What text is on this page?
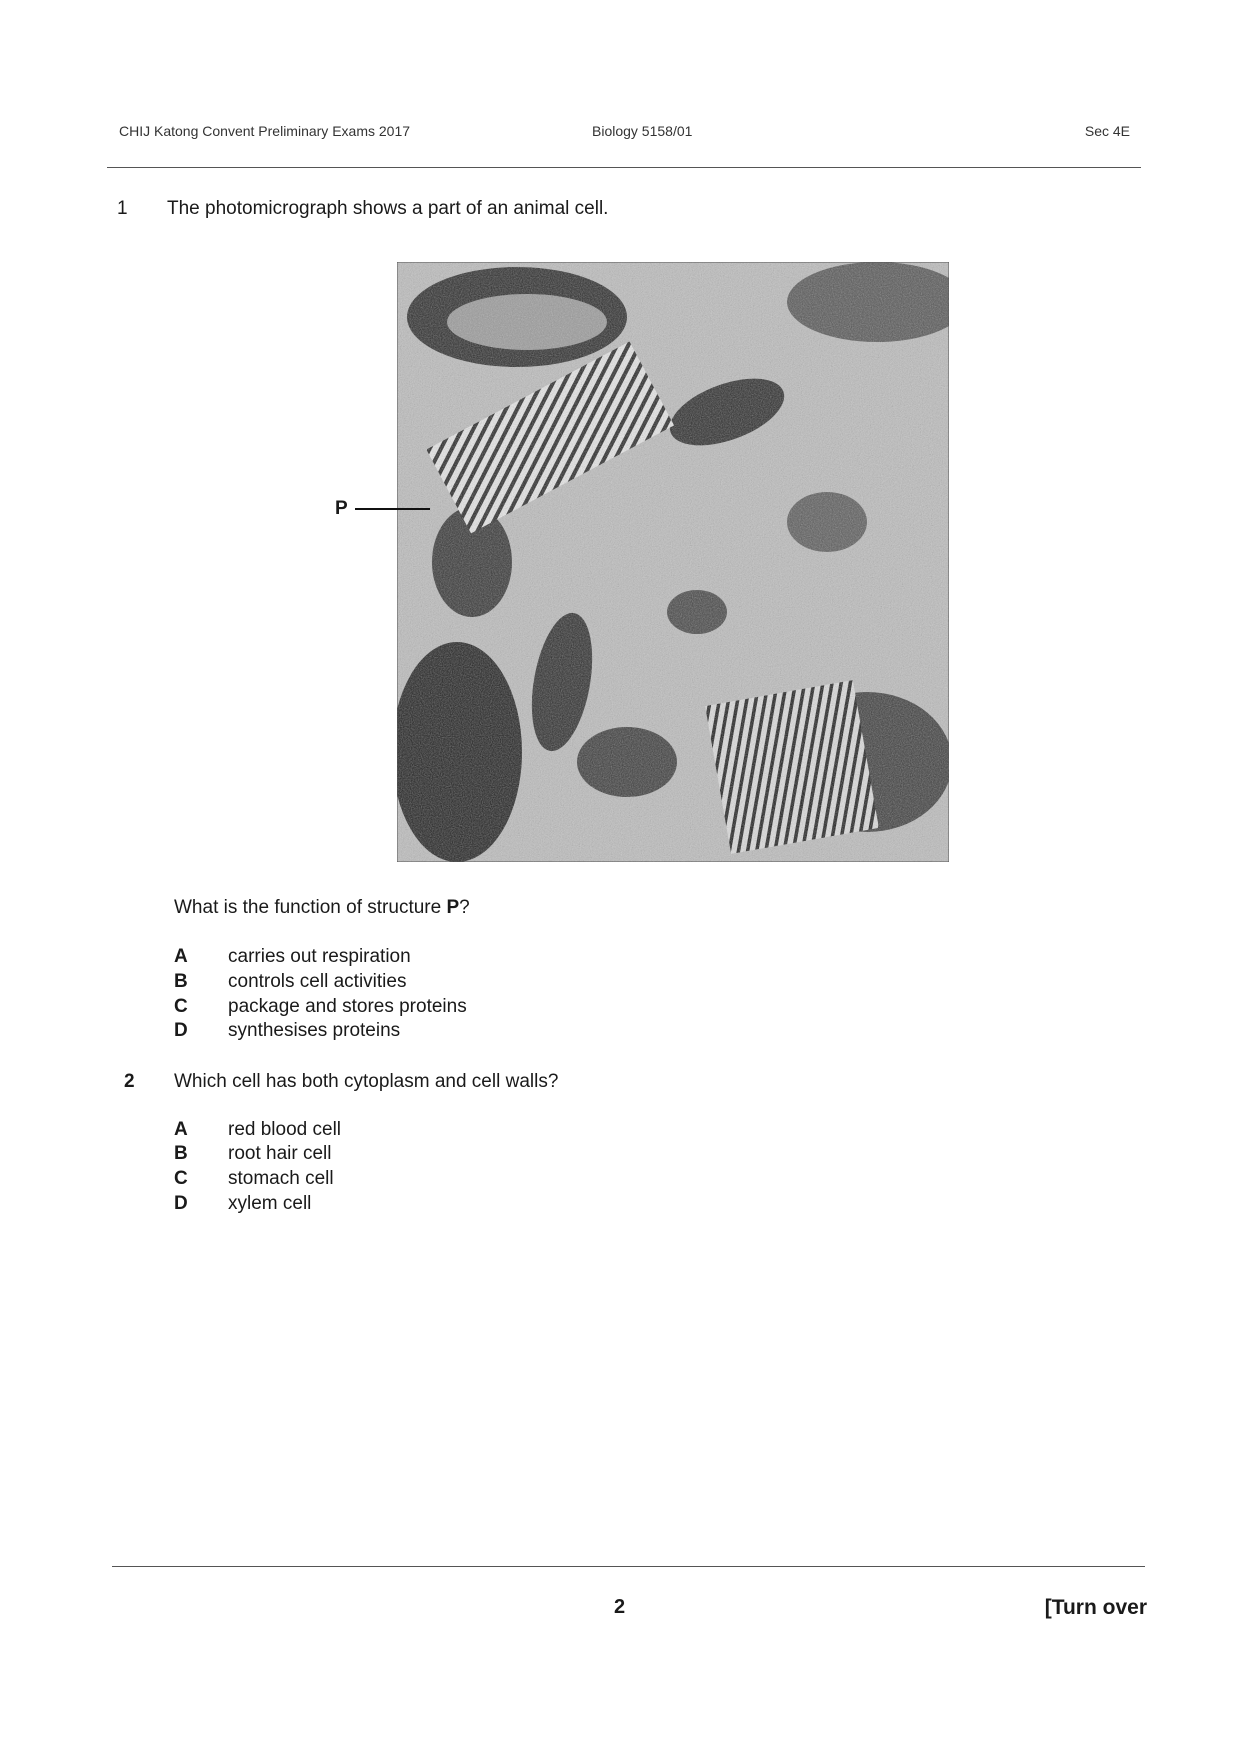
CHIJ Katong Convent Preliminary Exams 2017	Biology 5158/01	Sec 4E
1 The photomicrograph shows a part of an animal cell.
P
What is the function of structure P?
A carries out respiration
B controls cell activities
C package and stores proteins
D synthesises proteins
2 Which cell has both cytoplasm and cell walls?
A red blood cell
B root hair cell
C stomach cell
D xylem cell
2	[Turn over
